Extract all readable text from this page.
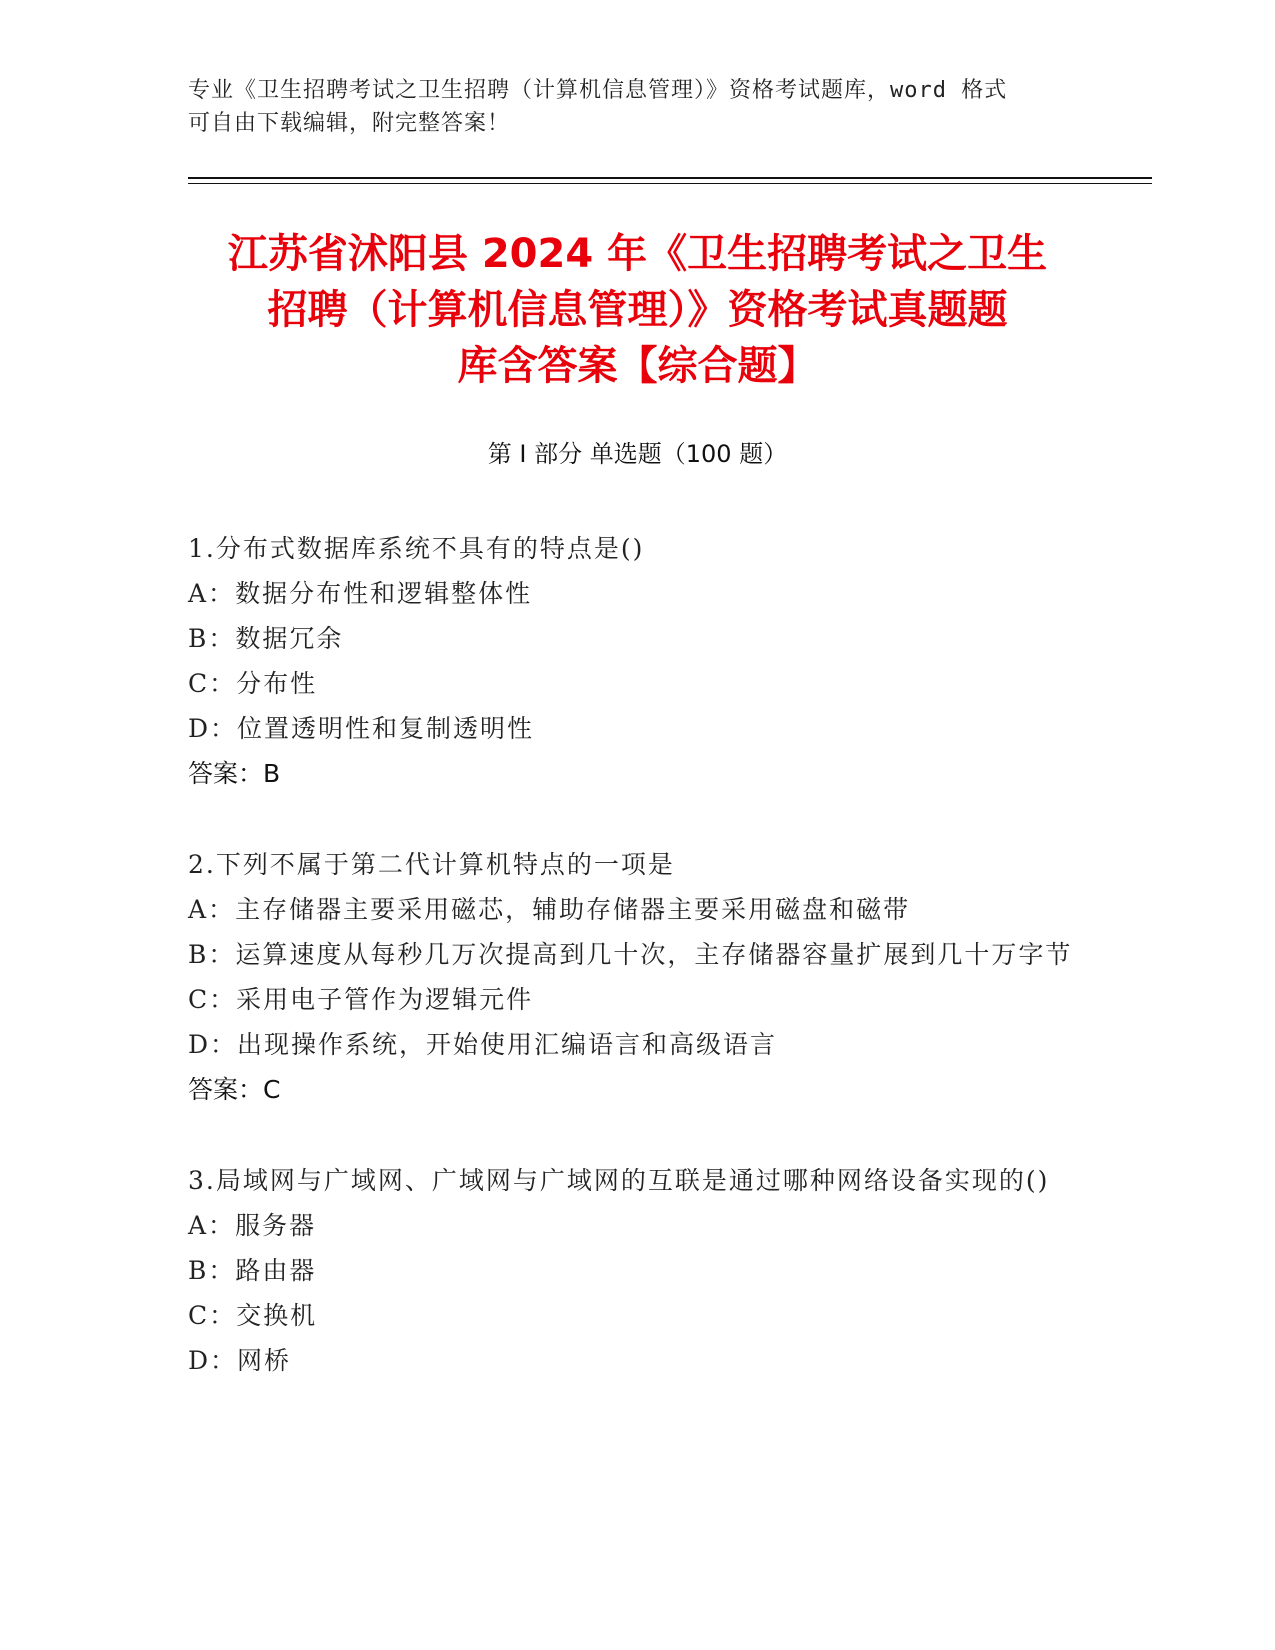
专业《卫生招聘考试之卫生招聘（计算机信息管理）》资格考试题库，word 格式
可自由下载编辑，附完整答案！
江苏省沭阳县 2024 年《卫生招聘考试之卫生
招聘（计算机信息管理）》资格考试真题题
库含答案【综合题】
第 I 部分 单选题（100 题）
1.分布式数据库系统不具有的特点是()
A： 数据分布性和逻辑整体性
B： 数据冗余
C： 分布性
D： 位置透明性和复制透明性
答案：B
2.下列不属于第二代计算机特点的一项是
A： 主存储器主要采用磁芯，辅助存储器主要采用磁盘和磁带
B：运算速度从每秒几万次提高到几十次，主存储器容量扩展到几十万字节
C： 采用电子管作为逻辑元件
D： 出现操作系统，开始使用汇编语言和高级语言
答案：C
3.局域网与广域网、广域网与广域网的互联是通过哪种网络设备实现的()
A： 服务器
B： 路由器
C： 交换机
D： 网桥
